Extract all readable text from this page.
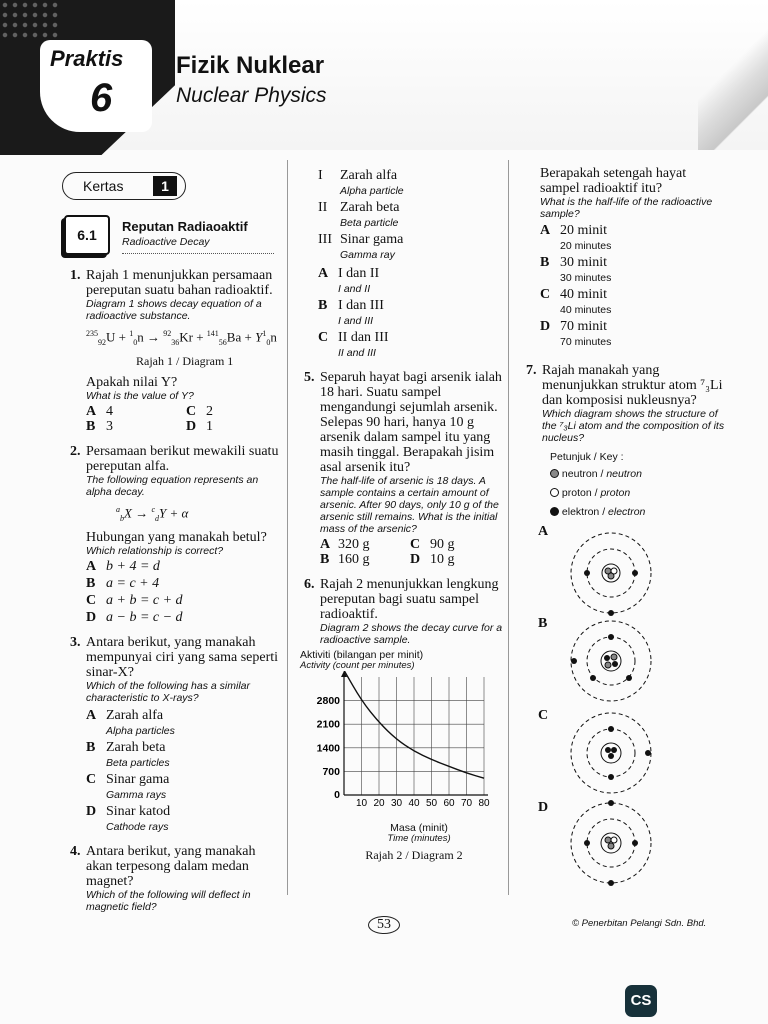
Praktis
6
Fizik Nuklear
Nuclear Physics
Kertas	1
6.1
Reputan Radiaoaktif
Radioactive Decay
1. Rajah 1 menunjukkan persamaan pereputan suatu bahan radioaktif.
Diagram 1 shows decay equation of a radioactive substance.
$^{235}_{92}U + ^1_0n \to ^{92}_{36}Kr + ^{141}_{56}Ba + Y^1_0n$
Rajah 1 / Diagram 1
Apakah nilai Y?
What is the value of Y?
A 4	C 2
B 3	D 1
2. Persamaan berikut mewakili suatu pereputan alfa.
The following equation represents an alpha decay.
$^a_b$X → $^c_d$Y + α
Hubungan yang manakah betul?
Which relationship is correct?
A b + 4 = d
B a = c + 4
C a + b = c + d
D a − b = c − d
3. Antara berikut, yang manakah mempunyai ciri yang sama seperti sinar-X?
Which of the following has a similar characteristic to X-rays?
A Zarah alfa
Alpha particles
B Zarah beta
Beta particles
C Sinar gama
Gamma rays
D Sinar katod
Cathode rays
4. Antara berikut, yang manakah akan terpesong dalam medan magnet?
Which of the following will deflect in magnetic field?
I	Zarah alfa
Alpha particle
II Zarah beta
Beta particle
III Sinar gama
Gamma ray
A I dan II
I and II
B I dan III
I and III
C II dan III
II and III
5. Separuh hayat bagi arsenik ialah 18 hari. Suatu sampel mengandungi sejumlah arsenik. Selepas 90 hari, hanya 10 g arsenik dalam sampel itu yang masih tinggal. Berapakah jisim asal arsenik itu?
The half-life of arsenic is 18 days. A sample contains a certain amount of arsenic. After 90 days, only 10 g of the arsenic still remains. What is the initial mass of the arsenic?
A 320 g	C 90 g
B 160 g	D 10 g
6. Rajah 2 menunjukkan lengkung pereputan bagi suatu sampel radioaktif.
Diagram 2 shows the decay curve for a radioactive sample.
Aktiviti (bilangan per minit)
Activity (count per minutes)
700
1400
2100
2800
10 20 30 40 50 60 70 80
0
Masa (minit)
Time (minutes)
Rajah 2 / Diagram 2
Berapakah setengah hayat sampel radioaktif itu?
What is the half-life of the radioactive sample?
A 20 minit
20 minutes
B 30 minit
30 minutes
C 40 minit
40 minutes
D 70 minit
70 minutes
7. Rajah manakah yang menunjukkan struktur atom ⁷₃Li dan komposisi nukleusnya?
Which diagram shows the structure of the ⁷₃Li atom and the composition of its nucleus?
Petunjuk / Key :
neutron / neutron
proton / proton
elektron / electron
A
B
C
D
53	© Penerbitan Pelangi Sdn. Bhd.
CS
